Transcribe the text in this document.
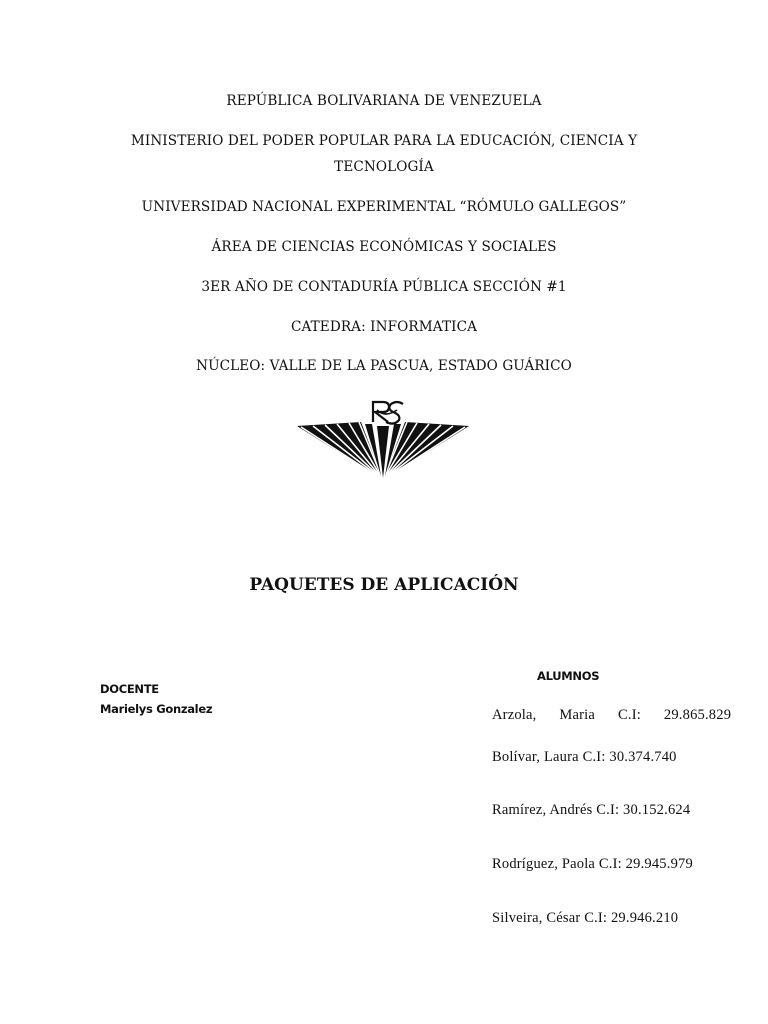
REPÚBLICA BOLIVARIANA DE VENEZUELA
MINISTERIO DEL PODER POPULAR PARA LA EDUCACIÓN, CIENCIA Y
TECNOLOGÍA
UNIVERSIDAD NACIONAL EXPERIMENTAL “RÓMULO GALLEGOS”
ÁREA DE CIENCIAS ECONÓMICAS Y SOCIALES
3ER AÑO DE CONTADURÍA PÚBLICA SECCIÓN #1
CATEDRA: INFORMATICA
NÚCLEO: VALLE DE LA PASCUA, ESTADO GUÁRICO
PAQUETES DE APLICACIÓN
ALUMNOS
DOCENTE
Marielys Gonzalez	Arzola,      Maria      C.I:      29.865.829
Bolívar, Laura C.I: 30.374.740
Ramírez, Andrés C.I: 30.152.624
Rodríguez, Paola C.I: 29.945.979
Silveira, César C.I: 29.946.210
